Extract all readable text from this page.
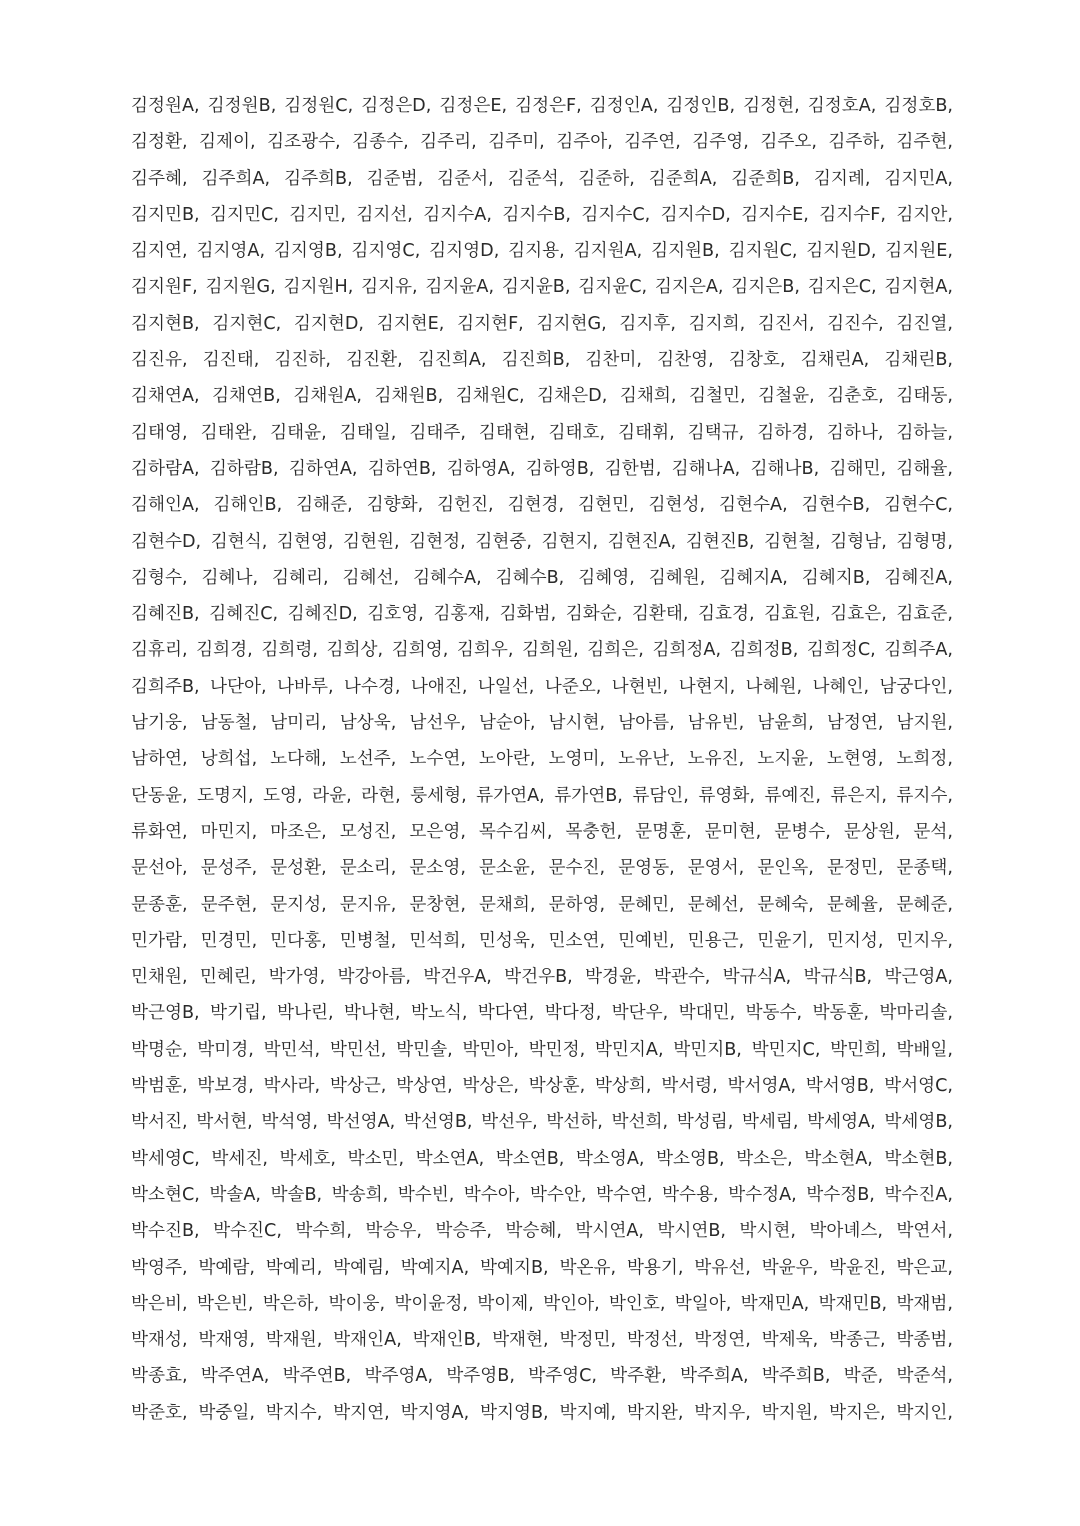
김정원A, 김정원B, 김정원C, 김정은D, 김정은E, 김정은F, 김정인A, 김정인B, 김정현, 김정호A, 김정호B,
김정환, 김제이, 김조광수, 김종수, 김주리, 김주미, 김주아, 김주연, 김주영, 김주오, 김주하, 김주현,
김주혜, 김주희A, 김주희B, 김준범, 김준서, 김준석, 김준하, 김준희A, 김준희B, 김지례, 김지민A,
김지민B, 김지민C, 김지민, 김지선, 김지수A, 김지수B, 김지수C, 김지수D, 김지수E, 김지수F, 김지안,
김지연, 김지영A, 김지영B, 김지영C, 김지영D, 김지용, 김지원A, 김지원B, 김지원C, 김지원D, 김지원E,
김지원F, 김지원G, 김지원H, 김지유, 김지윤A, 김지윤B, 김지윤C, 김지은A, 김지은B, 김지은C, 김지현A,
김지현B, 김지현C, 김지현D, 김지현E, 김지현F, 김지현G, 김지후, 김지희, 김진서, 김진수, 김진열,
김진유, 김진태, 김진하, 김진환, 김진희A, 김진희B, 김찬미, 김찬영, 김창호, 김채린A, 김채린B,
김채연A, 김채연B, 김채원A, 김채원B, 김채원C, 김채은D, 김채희, 김철민, 김철윤, 김춘호, 김태동,
김태영, 김태완, 김태윤, 김태일, 김태주, 김태현, 김태호, 김태휘, 김택규, 김하경, 김하나, 김하늘,
김하람A, 김하람B, 김하연A, 김하연B, 김하영A, 김하영B, 김한범, 김해나A, 김해나B, 김해민, 김해율,
김해인A, 김해인B, 김해준, 김향화, 김헌진, 김현경, 김현민, 김현성, 김현수A, 김현수B, 김현수C,
김현수D, 김현식, 김현영, 김현원, 김현정, 김현중, 김현지, 김현진A, 김현진B, 김현철, 김형남, 김형명,
김형수, 김혜나, 김혜리, 김혜선, 김혜수A, 김혜수B, 김혜영, 김혜원, 김혜지A, 김혜지B, 김혜진A,
김혜진B, 김혜진C, 김혜진D, 김호영, 김홍재, 김화범, 김화순, 김환태, 김효경, 김효원, 김효은, 김효준,
김휴리, 김희경, 김희령, 김희상, 김희영, 김희우, 김희원, 김희은, 김희정A, 김희정B, 김희정C, 김희주A,
김희주B, 나단아, 나바루, 나수경, 나애진, 나일선, 나준오, 나현빈, 나현지, 나혜원, 나혜인, 남궁다인,
남기웅, 남동철, 남미리, 남상욱, 남선우, 남순아, 남시현, 남아름, 남유빈, 남윤희, 남정연, 남지원,
남하연, 낭희섭, 노다해, 노선주, 노수연, 노아란, 노영미, 노유난, 노유진, 노지윤, 노현영, 노희정,
단동윤, 도명지, 도영, 라윤, 라현, 룽세형, 류가연A, 류가연B, 류담인, 류영화, 류예진, 류은지, 류지수,
류화연, 마민지, 마조은, 모성진, 모은영, 목수김씨, 목충헌, 문명훈, 문미현, 문병수, 문상원, 문석,
문선아, 문성주, 문성환, 문소리, 문소영, 문소윤, 문수진, 문영동, 문영서, 문인옥, 문정민, 문종택,
문종훈, 문주현, 문지성, 문지유, 문창현, 문채희, 문하영, 문혜민, 문혜선, 문혜숙, 문혜율, 문혜준,
민가람, 민경민, 민다홍, 민병철, 민석희, 민성욱, 민소연, 민예빈, 민용근, 민윤기, 민지성, 민지우,
민채원, 민혜린, 박가영, 박강아름, 박건우A, 박건우B, 박경윤, 박관수, 박규식A, 박규식B, 박근영A,
박근영B, 박기립, 박나린, 박나현, 박노식, 박다연, 박다정, 박단우, 박대민, 박동수, 박동훈, 박마리솔,
박명순, 박미경, 박민석, 박민선, 박민솔, 박민아, 박민정, 박민지A, 박민지B, 박민지C, 박민희, 박배일,
박범훈, 박보경, 박사라, 박상근, 박상연, 박상은, 박상훈, 박상희, 박서령, 박서영A, 박서영B, 박서영C,
박서진, 박서현, 박석영, 박선영A, 박선영B, 박선우, 박선하, 박선희, 박성림, 박세림, 박세영A, 박세영B,
박세영C, 박세진, 박세호, 박소민, 박소연A, 박소연B, 박소영A, 박소영B, 박소은, 박소현A, 박소현B,
박소현C, 박솔A, 박솔B, 박송희, 박수빈, 박수아, 박수안, 박수연, 박수용, 박수정A, 박수정B, 박수진A,
박수진B, 박수진C, 박수희, 박승우, 박승주, 박승혜, 박시연A, 박시연B, 박시현, 박아녜스, 박연서,
박영주, 박예람, 박예리, 박예림, 박예지A, 박예지B, 박온유, 박용기, 박유선, 박윤우, 박윤진, 박은교,
박은비, 박은빈, 박은하, 박이웅, 박이윤정, 박이제, 박인아, 박인호, 박일아, 박재민A, 박재민B, 박재범,
박재성, 박재영, 박재원, 박재인A, 박재인B, 박재현, 박정민, 박정선, 박정연, 박제욱, 박종근, 박종범,
박종효, 박주연A, 박주연B, 박주영A, 박주영B, 박주영C, 박주환, 박주희A, 박주희B, 박준, 박준석,
박준호, 박중일, 박지수, 박지연, 박지영A, 박지영B, 박지예, 박지완, 박지우, 박지원, 박지은, 박지인,
